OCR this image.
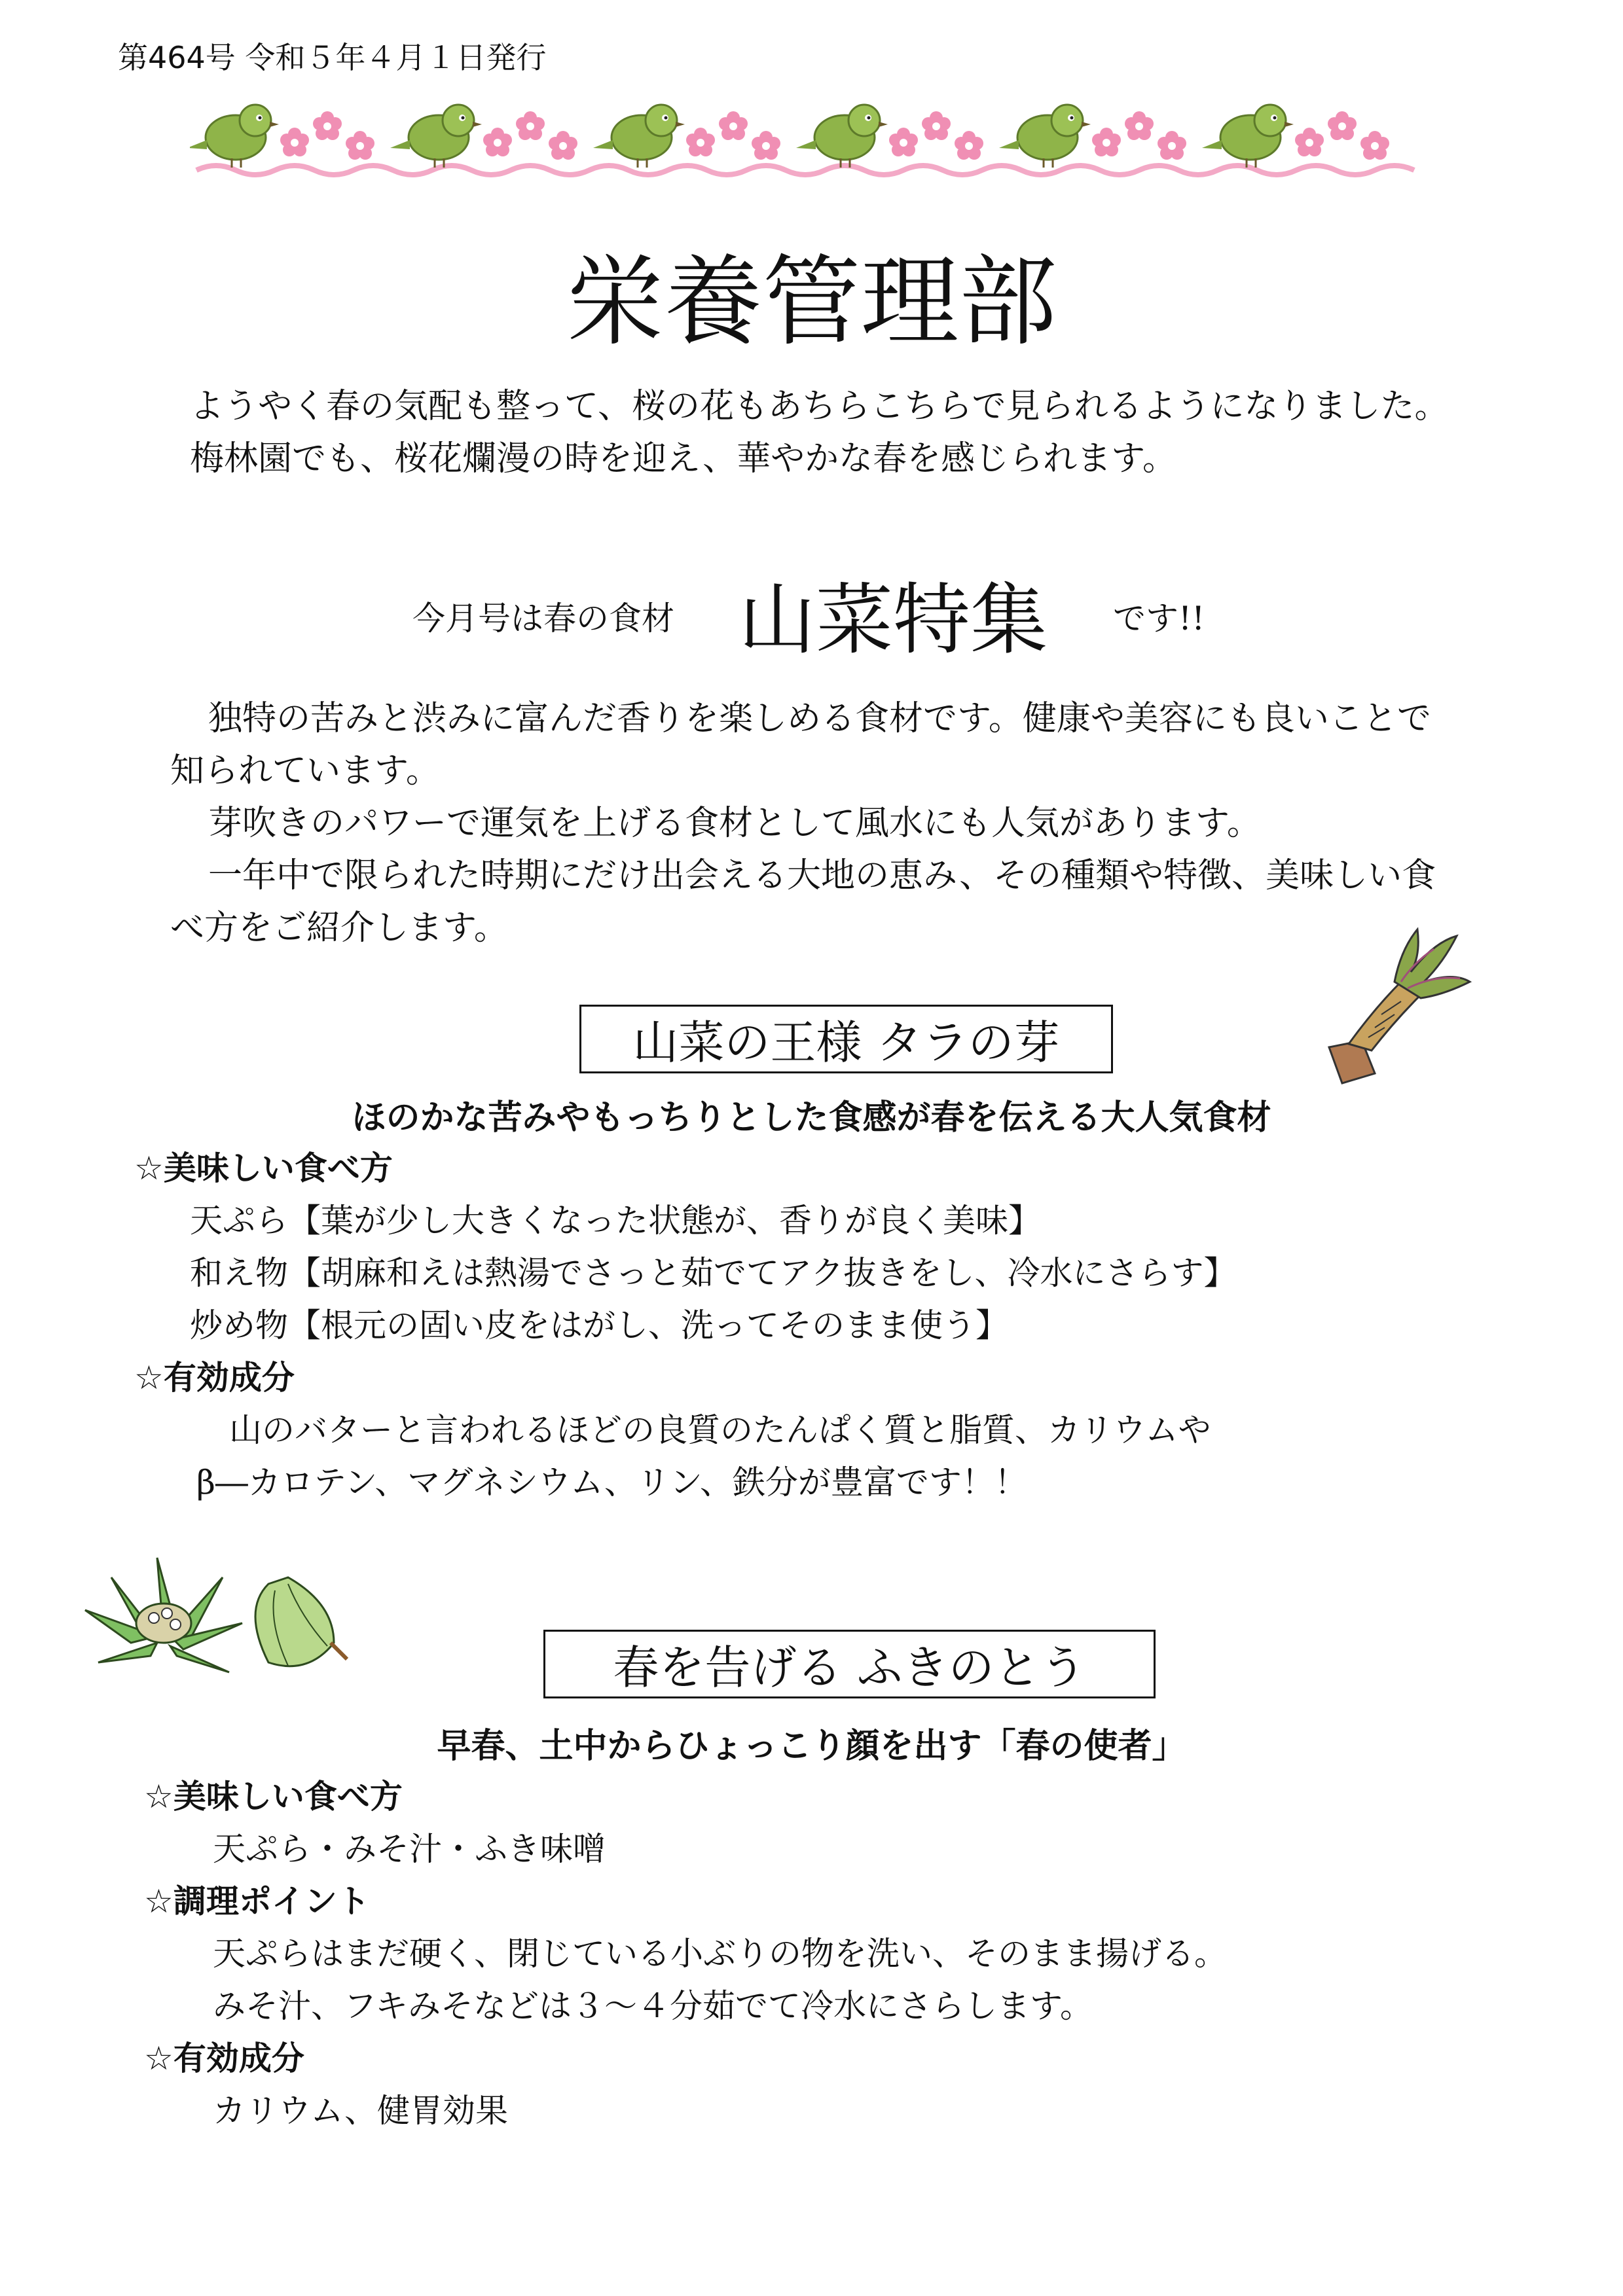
第464号 令和５年４月１日発行
栄養管理部
ようやく春の気配も整って、桜の花もあちらこちらで見られるようになりました。
梅林園でも、桜花爛漫の時を迎え、華やかな春を感じられます。
今月号は春の食材 山菜特集 です!!
独特の苦みと渋みに富んだ香りを楽しめる食材です。健康や美容にも良いことで
知られています。
芽吹きのパワーで運気を上げる食材として風水にも人気があります。
一年中で限られた時期にだけ出会える大地の恵み、その種類や特徴、美味しい食
べ方をご紹介します。
山菜の王様 タラの芽
ほのかな苦みやもっちりとした食感が春を伝える大人気食材
☆美味しい食べ方
天ぷら【葉が少し大きくなった状態が、香りが良く美味】
和え物【胡麻和えは熱湯でさっと茹でてアク抜きをし、冷水にさらす】
炒め物【根元の固い皮をはがし、洗ってそのまま使う】
☆有効成分
山のバターと言われるほどの良質のたんぱく質と脂質、カリウムや
β―カロテン、マグネシウム、リン、鉄分が豊富です！！
春を告げる ふきのとう
早春、土中からひょっこり顔を出す「春の使者」
☆美味しい食べ方
天ぷら・みそ汁・ふき味噌
☆調理ポイント
天ぷらはまだ硬く、閉じている小ぶりの物を洗い、そのまま揚げる。
みそ汁、フキみそなどは３～４分茹でて冷水にさらします。
☆有効成分
カリウム、健胃効果
